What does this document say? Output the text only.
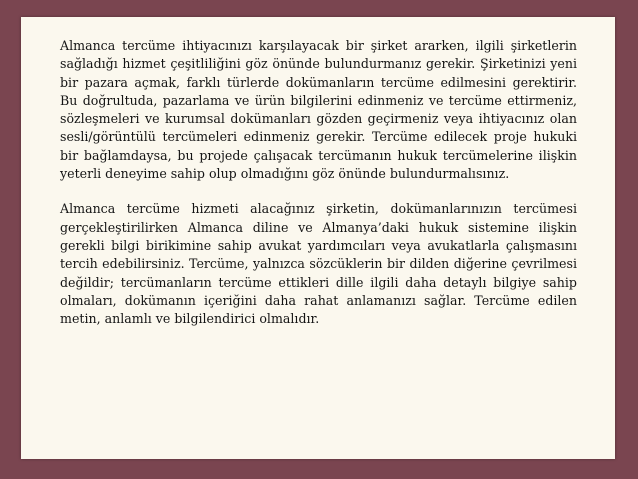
Almanca tercüme ihtiyacınızı karşılayacak bir şirket ararken, ilgili şirketlerin sağladığı hizmet çeşitliliğini göz önünde bulundurmanız gerekir. Şirketinizi yeni bir pazara açmak, farklı türlerde dokümanların tercüme edilmesini gerektirir. Bu doğrultuda, pazarlama ve ürün bilgilerini edinmeniz ve tercüme ettirmeniz, sözleşmeleri ve kurumsal dokümanları gözden geçirmeniz veya ihtiyacınız olan sesli/görüntülü tercümeleri edinmeniz gerekir. Tercüme edilecek proje hukuki bir bağlamdaysa, bu projede çalışacak tercümanın hukuk tercümelerine ilişkin yeterli deneyime sahip olup olmadığını göz önünde bulundurmalısınız.

Almanca tercüme hizmeti alacağınız şirketin, dokümanlarınızın tercümesi gerçekleştirilirken Almanca diline ve Almanya’daki hukuk sistemine ilişkin gerekli bilgi birikimine sahip avukat yardımcıları veya avukatlarla çalışmasını tercih edebilirsiniz. Tercüme, yalnızca sözcüklerin bir dilden diğerine çevrilmesi değildir; tercümanların tercüme ettikleri dille ilgili daha detaylı bilgiye sahip olmaları, dokümanın içeriğini daha rahat anlamanızı sağlar. Tercüme edilen metin, anlamlı ve bilgilendirici olmalıdır.
